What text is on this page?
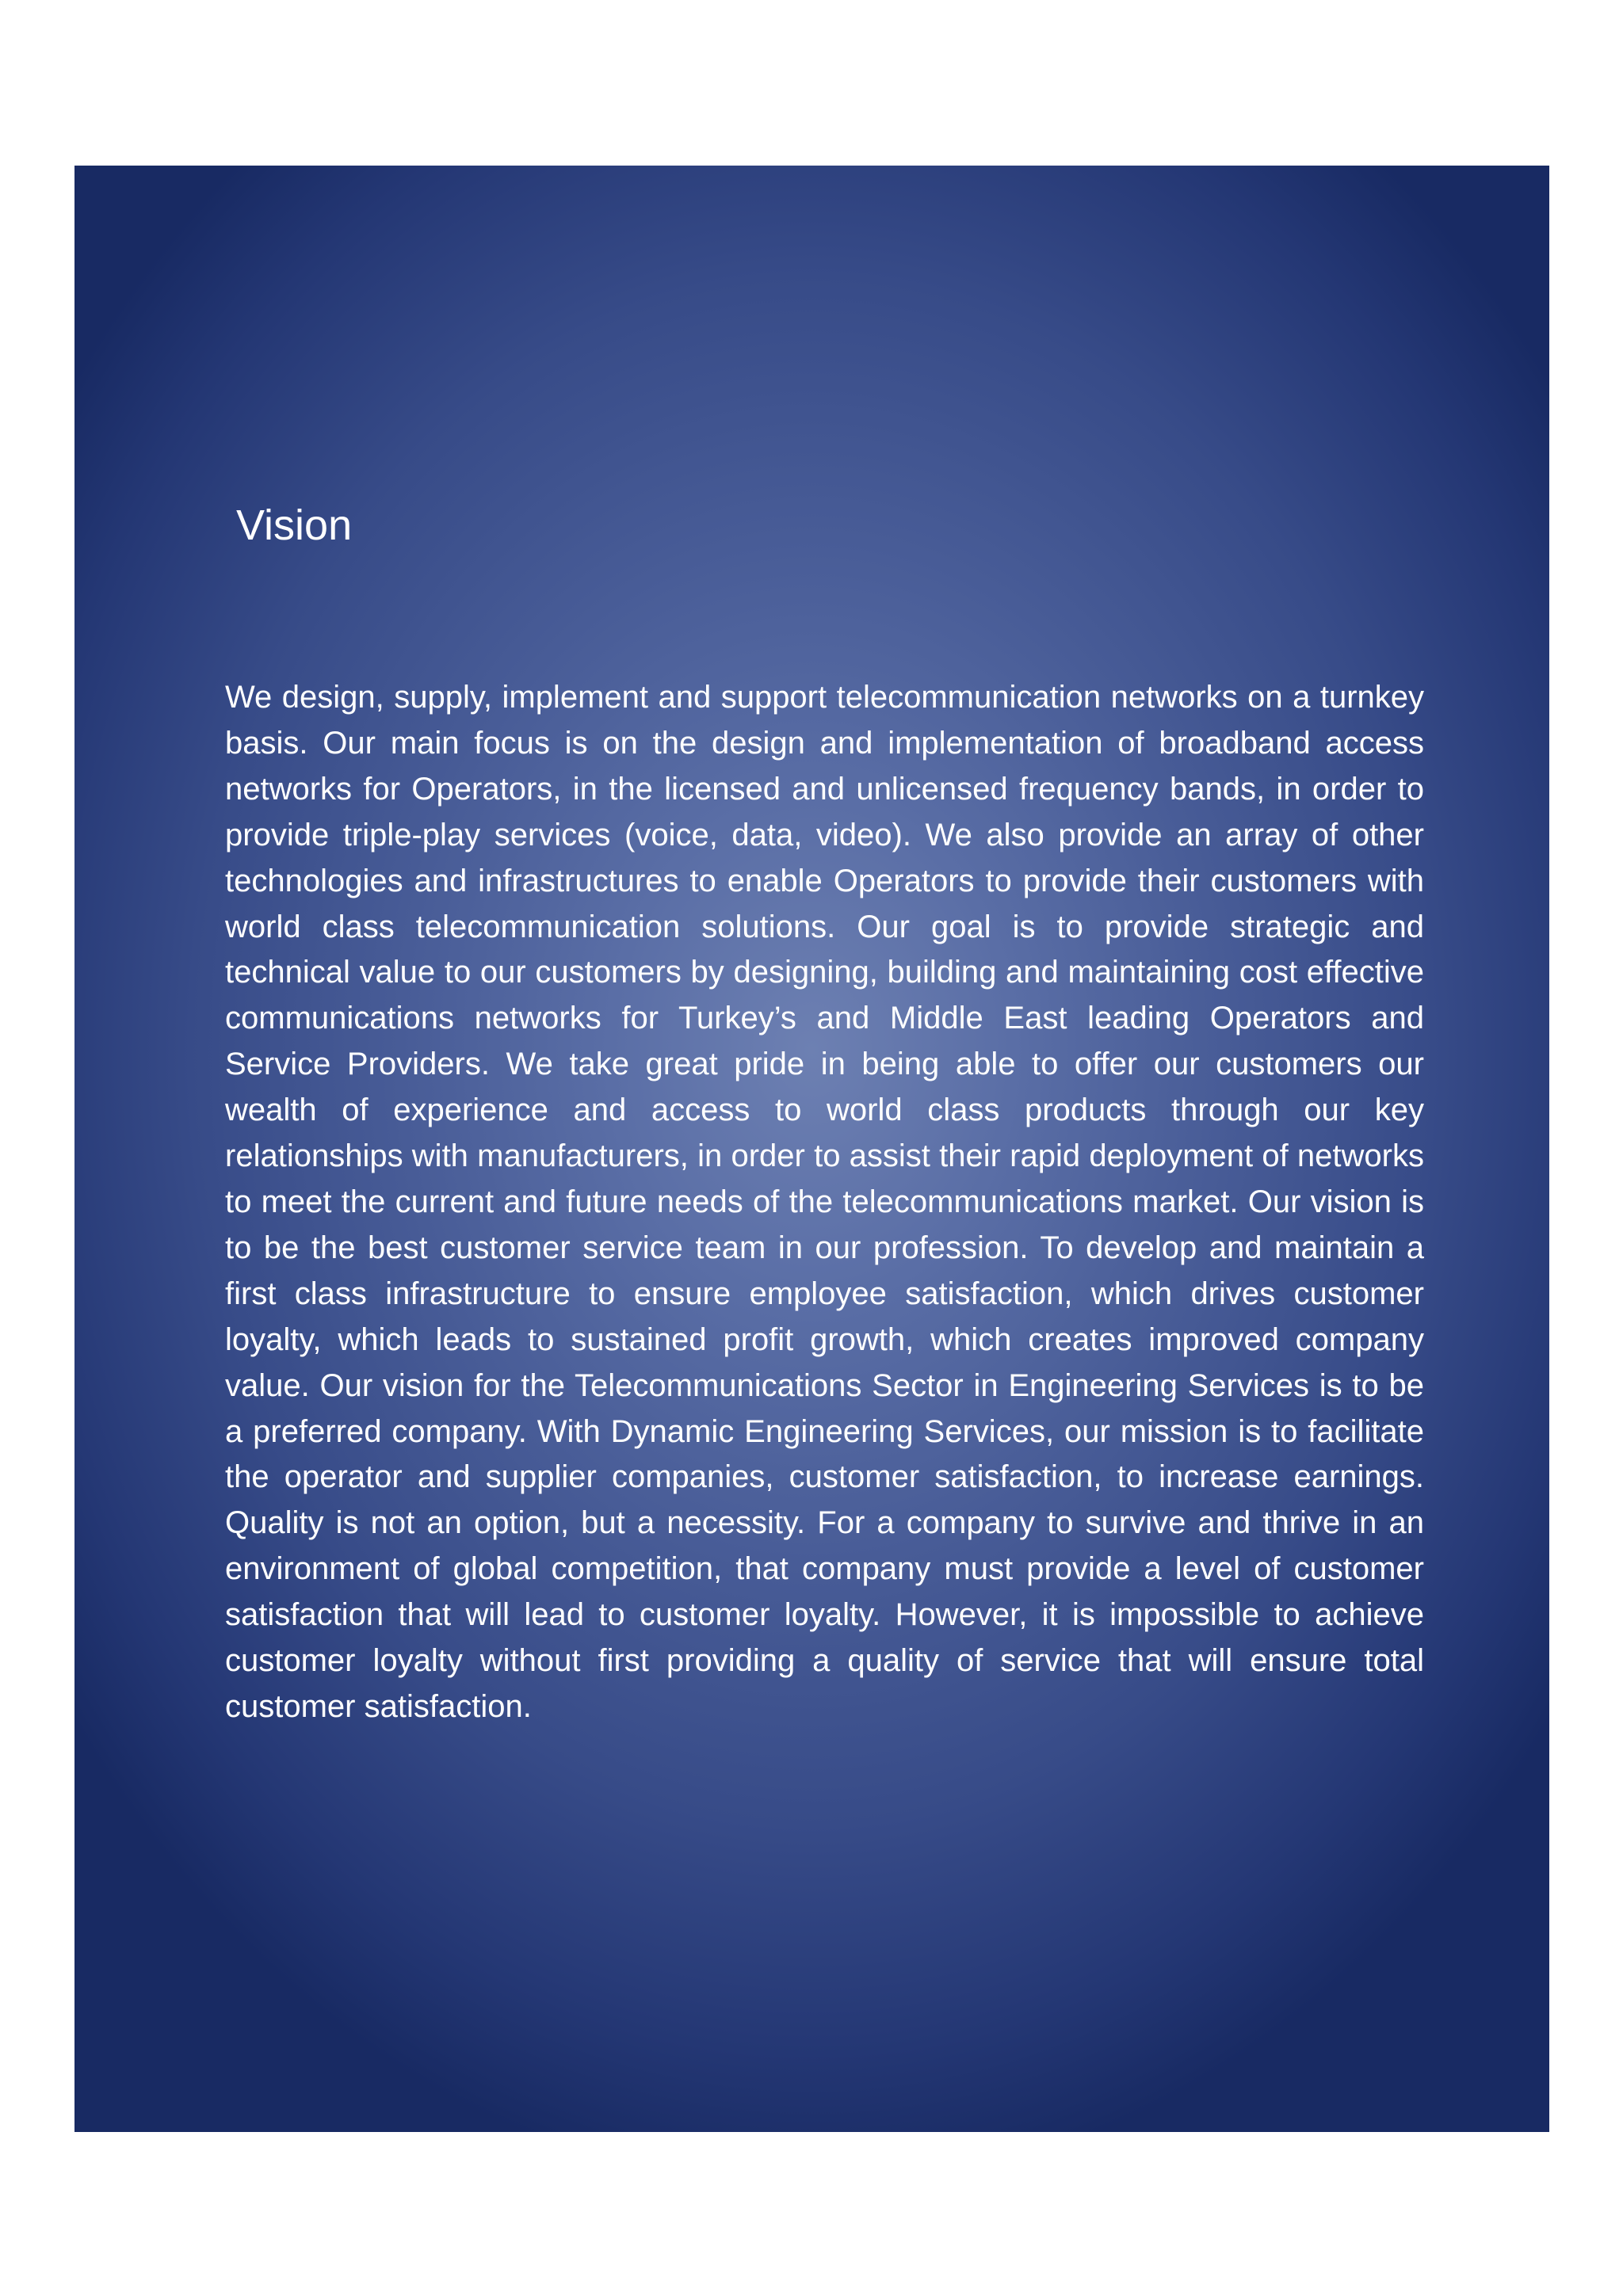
Vision

We design, supply, implement and support telecommunication networks on a turnkey basis. Our main focus is on the design and implementation of broadband access networks for Operators, in the licensed and unlicensed frequency bands, in order to provide triple-play services (voice, data, video). We also provide an array of other technologies and infrastructures to enable Operators to provide their customers with world class telecommunication solutions. Our goal is to provide strategic and technical value to our customers by designing, building and maintaining cost effective communications networks for Turkey’s and Middle East leading Operators and Service Providers. We take great pride in being able to offer our customers our wealth of experience and access to world class products through our key relationships with manufacturers, in order to assist their rapid deployment of networks to meet the current and future needs of the telecommunications market. Our vision is to be the best customer service team in our profession. To develop and maintain a first class infrastructure to ensure employee satisfaction, which drives customer loyalty, which leads to sustained profit growth, which creates improved company value. Our vision for the Telecommunications Sector in Engineering Services is to be a preferred company. With Dynamic Engineering Services, our mission is to facilitate the operator and supplier companies, customer satisfaction, to increase earnings. Quality is not an option, but a necessity. For a company to survive and thrive in an environment of global competition, that company must provide a level of customer satisfaction that will lead to customer loyalty. However, it is impossible to achieve customer loyalty without first providing a quality of service that will ensure total customer satisfaction.
